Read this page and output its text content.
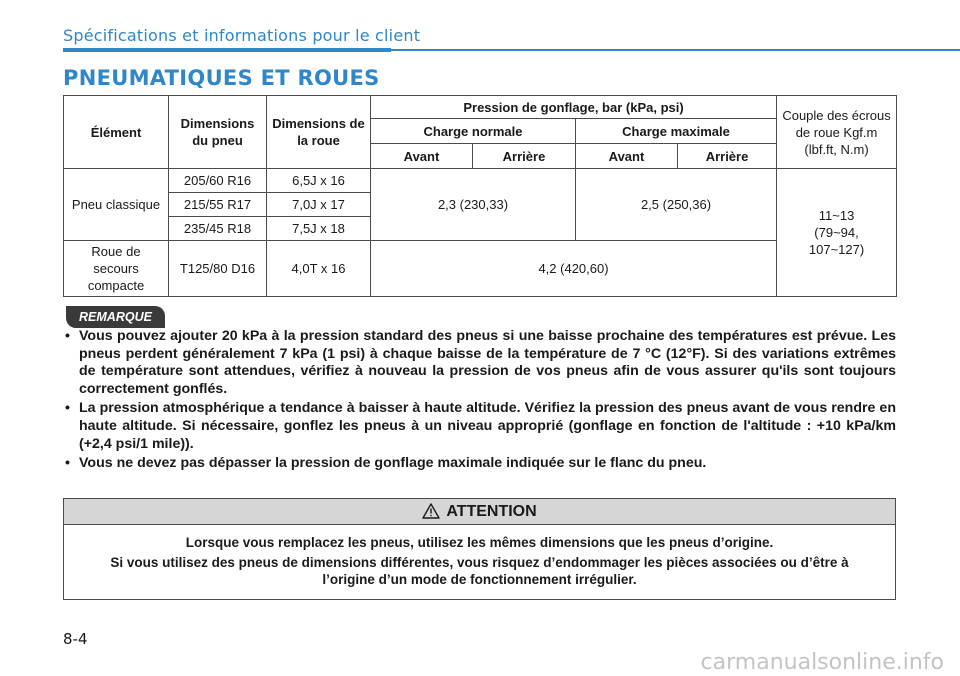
Spécifications et informations pour le client
PNEUMATIQUES ET ROUES
Élément	Dimensions du pneu	Dimensions de la roue	Pression de gonflage, bar (kPa, psi)				Couple des écrous de roue Kgf.m (lbf.ft, N.m)
			Charge normale		Charge maximale		
			Avant	Arrière	Avant	Arrière	
Pneu classique	205/60 R16	6,5J x 16	2,3 (230,33)		2,5 (250,36)		11~13 (79~94, 107~127)
	215/55 R17	7,0J x 17					
	235/45 R18	7,5J x 18					
Roue de secours compacte	T125/80 D16	4,0T x 16	4,2 (420,60)				
REMARQUE
• Vous pouvez ajouter 20 kPa à la pression standard des pneus si une baisse prochaine des températures est prévue. Les pneus perdent généralement 7 kPa (1 psi) à chaque baisse de la température de 7 °C (12°F). Si des variations extrêmes de température sont attendues, vérifiez à nouveau la pression de vos pneus afin de vous assurer qu'ils sont toujours correctement gonflés.
• La pression atmosphérique a tendance à baisser à haute altitude. Vérifiez la pression des pneus avant de vous rendre en haute altitude. Si nécessaire, gonflez les pneus à un niveau approprié (gonflage en fonction de l'altitude : +10 kPa/km (+2,4 psi/1 mile)).
• Vous ne devez pas dépasser la pression de gonflage maximale indiquée sur le flanc du pneu.
ATTENTION

Lorsque vous remplacez les pneus, utilisez les mêmes dimensions que les pneus d’origine.

Si vous utilisez des pneus de dimensions différentes, vous risquez d’endommager les pièces associées ou d’être à l’origine d’un mode de fonctionnement irrégulier.

8-4
carmanualsonline.info
